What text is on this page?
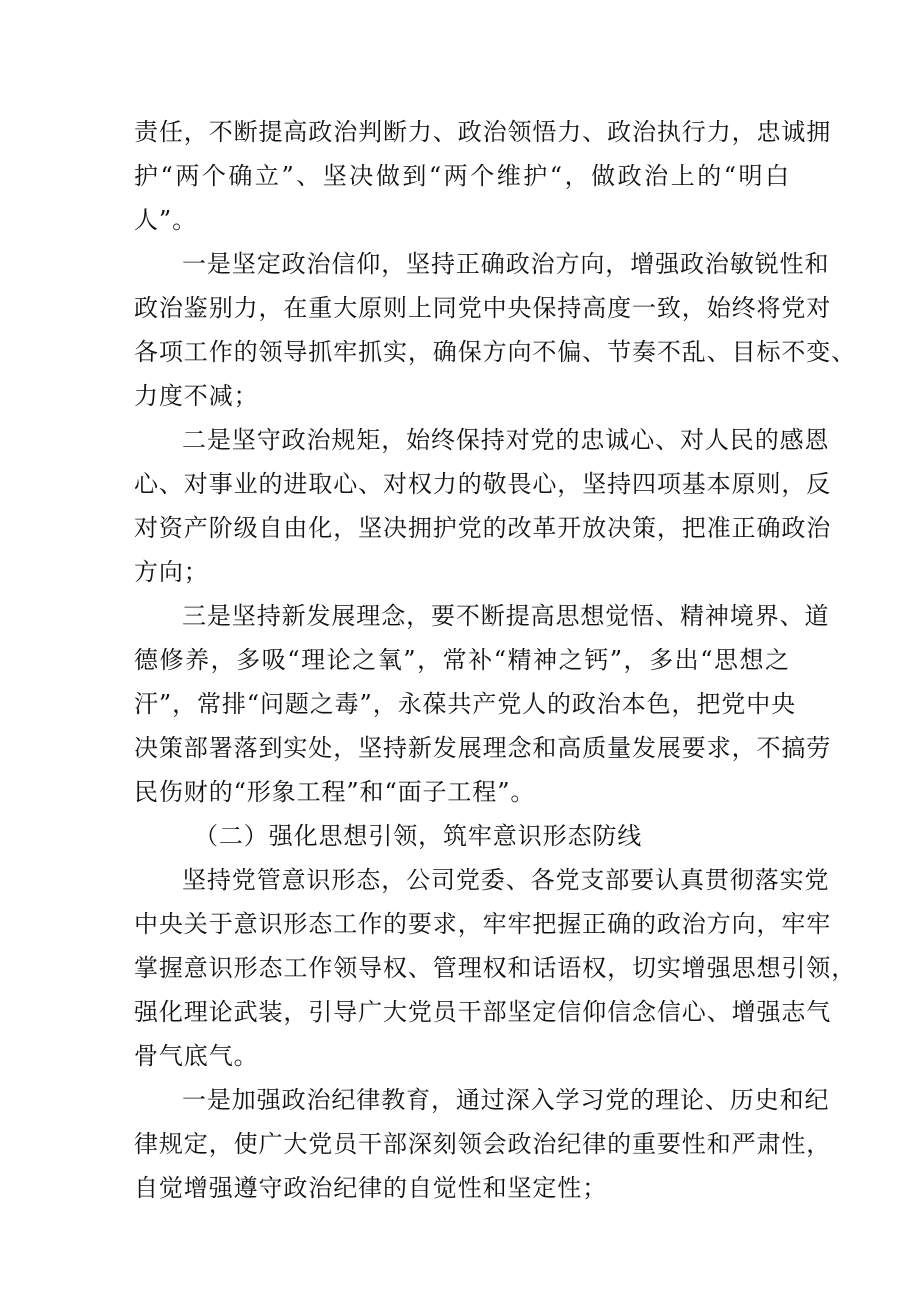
责任，不断提高政治判断力、政治领悟力、政治执行力，忠诚拥
护“两个确立”、坚决做到“两个维护“，做政治上的“明白
人”。
一是坚定政治信仰，坚持正确政治方向，增强政治敏锐性和
政治鉴别力，在重大原则上同党中央保持高度一致，始终将党对
各项工作的领导抓牢抓实，确保方向不偏、节奏不乱、目标不变、
力度不减；
二是坚守政治规矩，始终保持对党的忠诚心、对人民的感恩
心、对事业的进取心、对权力的敬畏心，坚持四项基本原则，反
对资产阶级自由化，坚决拥护党的改革开放决策，把准正确政治
方向；
三是坚持新发展理念，要不断提高思想觉悟、精神境界、道
德修养，多吸“理论之氧”，常补“精神之钙”，多出“思想之
汗”，常排“问题之毒”，永葆共产党人的政治本色，把党中央
决策部署落到实处，坚持新发展理念和高质量发展要求，不搞劳
民伤财的“形象工程”和“面子工程”。
（二）强化思想引领，筑牢意识形态防线
坚持党管意识形态，公司党委、各党支部要认真贯彻落实党
中央关于意识形态工作的要求，牢牢把握正确的政治方向，牢牢
掌握意识形态工作领导权、管理权和话语权，切实增强思想引领，
强化理论武装，引导广大党员干部坚定信仰信念信心、增强志气
骨气底气。
一是加强政治纪律教育，通过深入学习党的理论、历史和纪
律规定，使广大党员干部深刻领会政治纪律的重要性和严肃性，
自觉增强遵守政治纪律的自觉性和坚定性；
